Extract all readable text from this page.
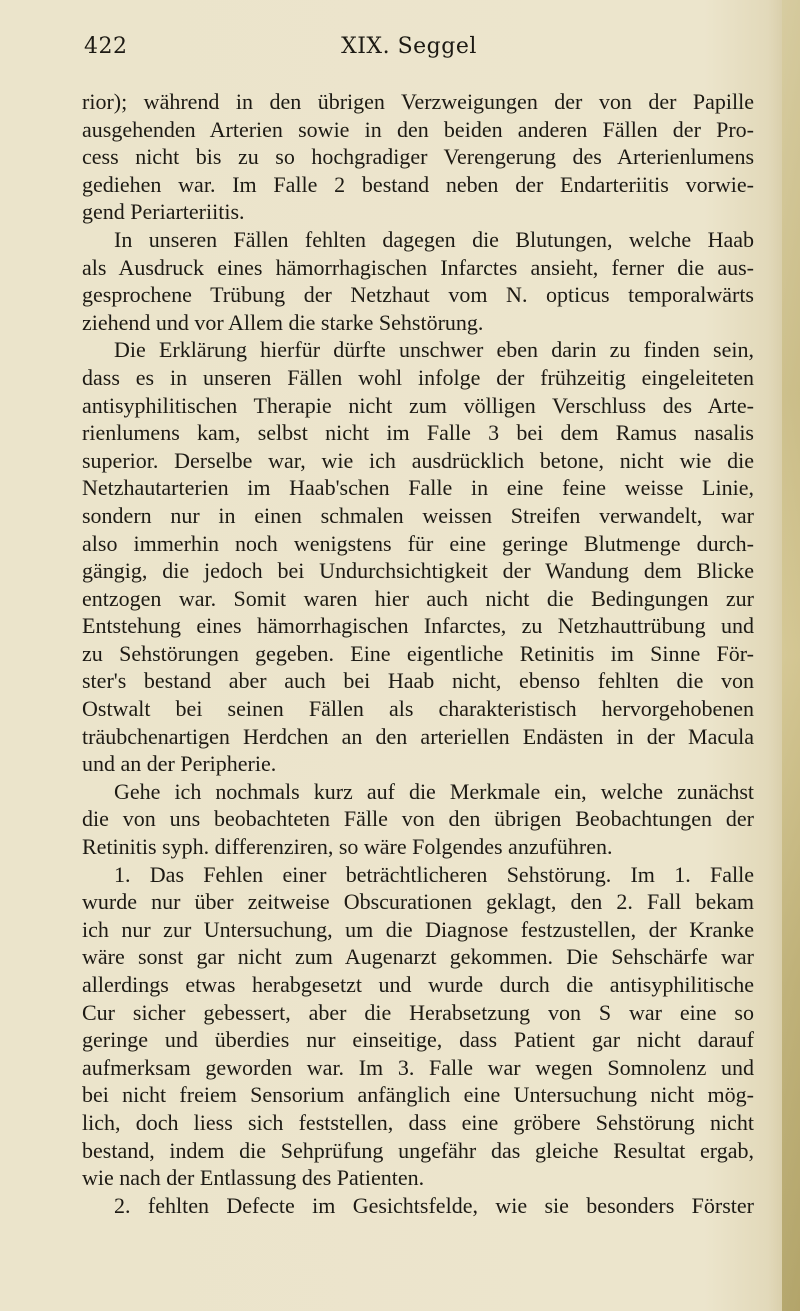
422	XIX. Seggel
rior); während in den übrigen Verzweigungen der von der Papille
ausgehenden Arterien sowie in den beiden anderen Fällen der Pro-
cess nicht bis zu so hochgradiger Verengerung des Arterienlumens
gediehen war. Im Falle 2 bestand neben der Endarteriitis vorwie-
gend Periarteriitis.
In unseren Fällen fehlten dagegen die Blutungen, welche Haab
als Ausdruck eines hämorrhagischen Infarctes ansieht, ferner die aus-
gesprochene Trübung der Netzhaut vom N. opticus temporalwärts
ziehend und vor Allem die starke Sehstörung.
Die Erklärung hierfür dürfte unschwer eben darin zu finden sein,
dass es in unseren Fällen wohl infolge der frühzeitig eingeleiteten
antisyphilitischen Therapie nicht zum völligen Verschluss des Arte-
rienlumens kam, selbst nicht im Falle 3 bei dem Ramus nasalis
superior. Derselbe war, wie ich ausdrücklich betone, nicht wie die
Netzhautarterien im Haab'schen Falle in eine feine weisse Linie,
sondern nur in einen schmalen weissen Streifen verwandelt, war
also immerhin noch wenigstens für eine geringe Blutmenge durch-
gängig, die jedoch bei Undurchsichtigkeit der Wandung dem Blicke
entzogen war. Somit waren hier auch nicht die Bedingungen zur
Entstehung eines hämorrhagischen Infarctes, zu Netzhauttrübung und
zu Sehstörungen gegeben. Eine eigentliche Retinitis im Sinne För-
ster's bestand aber auch bei Haab nicht, ebenso fehlten die von
Ostwalt bei seinen Fällen als charakteristisch hervorgehobenen
träubchenartigen Herdchen an den arteriellen Endästen in der Macula
und an der Peripherie.
Gehe ich nochmals kurz auf die Merkmale ein, welche zunächst
die von uns beobachteten Fälle von den übrigen Beobachtungen der
Retinitis syph. differenziren, so wäre Folgendes anzuführen.
1. Das Fehlen einer beträchtlicheren Sehstörung. Im 1. Falle
wurde nur über zeitweise Obscurationen geklagt, den 2. Fall bekam
ich nur zur Untersuchung, um die Diagnose festzustellen, der Kranke
wäre sonst gar nicht zum Augenarzt gekommen. Die Sehschärfe war
allerdings etwas herabgesetzt und wurde durch die antisyphilitische
Cur sicher gebessert, aber die Herabsetzung von S war eine so
geringe und überdies nur einseitige, dass Patient gar nicht darauf
aufmerksam geworden war. Im 3. Falle war wegen Somnolenz und
bei nicht freiem Sensorium anfänglich eine Untersuchung nicht mög-
lich, doch liess sich feststellen, dass eine gröbere Sehstörung nicht
bestand, indem die Sehprüfung ungefähr das gleiche Resultat ergab,
wie nach der Entlassung des Patienten.
2. fehlten Defecte im Gesichtsfelde, wie sie besonders Förster
